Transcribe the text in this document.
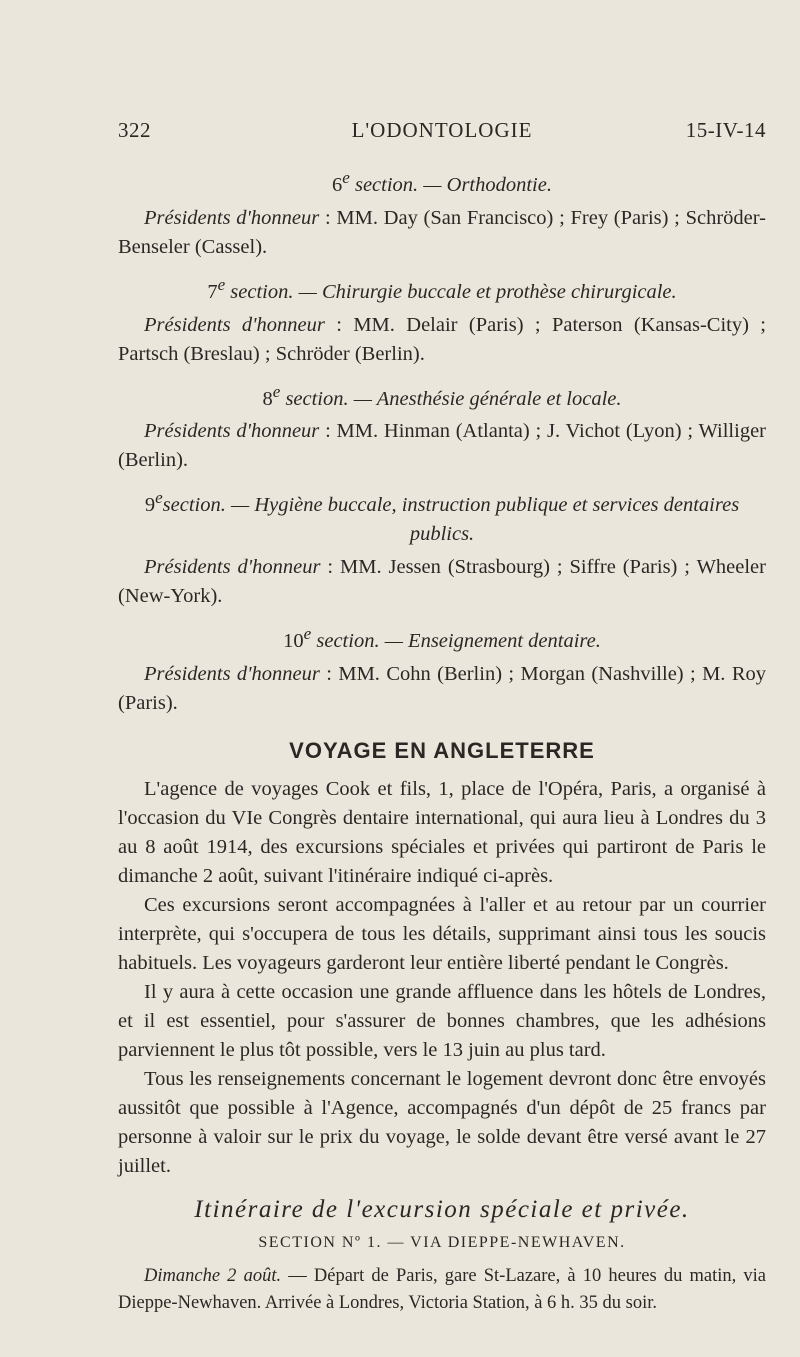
322	L'ODONTOLOGIE	15-IV-14
6e section. — Orthodontie.

Présidents d'honneur : MM. Day (San Francisco) ; Frey (Paris) ; Schröder-Benseler (Cassel).

7e section. — Chirurgie buccale et prothèse chirurgicale.

Présidents d'honneur : MM. Delair (Paris) ; Paterson (Kansas-City) ; Partsch (Breslau) ; Schröder (Berlin).

8e section. — Anesthésie générale et locale.

Présidents d'honneur : MM. Hinman (Atlanta) ; J. Vichot (Lyon) ; Williger (Berlin).

9esection. — Hygiène buccale, instruction publique et services dentaires publics.

Présidents d'honneur : MM. Jessen (Strasbourg) ; Siffre (Paris) ; Wheeler (New-York).

10e section. — Enseignement dentaire.

Présidents d'honneur : MM. Cohn (Berlin) ; Morgan (Nashville) ; M. Roy (Paris).

VOYAGE EN ANGLETERRE

L'agence de voyages Cook et fils, 1, place de l'Opéra, Paris, a organisé à l'occasion du VIe Congrès dentaire international, qui aura lieu à Londres du 3 au 8 août 1914, des excursions spéciales et privées qui partiront de Paris le dimanche 2 août, suivant l'itinéraire indiqué ci-après.

Ces excursions seront accompagnées à l'aller et au retour par un courrier interprète, qui s'occupera de tous les détails, supprimant ainsi tous les soucis habituels. Les voyageurs garderont leur entière liberté pendant le Congrès.

Il y aura à cette occasion une grande affluence dans les hôtels de Londres, et il est essentiel, pour s'assurer de bonnes chambres, que les adhésions parviennent le plus tôt possible, vers le 13 juin au plus tard.

Tous les renseignements concernant le logement devront donc être envoyés aussitôt que possible à l'Agence, accompagnés d'un dépôt de 25 francs par personne à valoir sur le prix du voyage, le solde devant être versé avant le 27 juillet.

Itinéraire de l'excursion spéciale et privée.
SECTION Nº 1. — VIA DIEPPE-NEWHAVEN.

Dimanche 2 août. — Départ de Paris, gare St-Lazare, à 10 heures du matin, via Dieppe-Newhaven. Arrivée à Londres, Victoria Station, à 6 h. 35 du soir.
